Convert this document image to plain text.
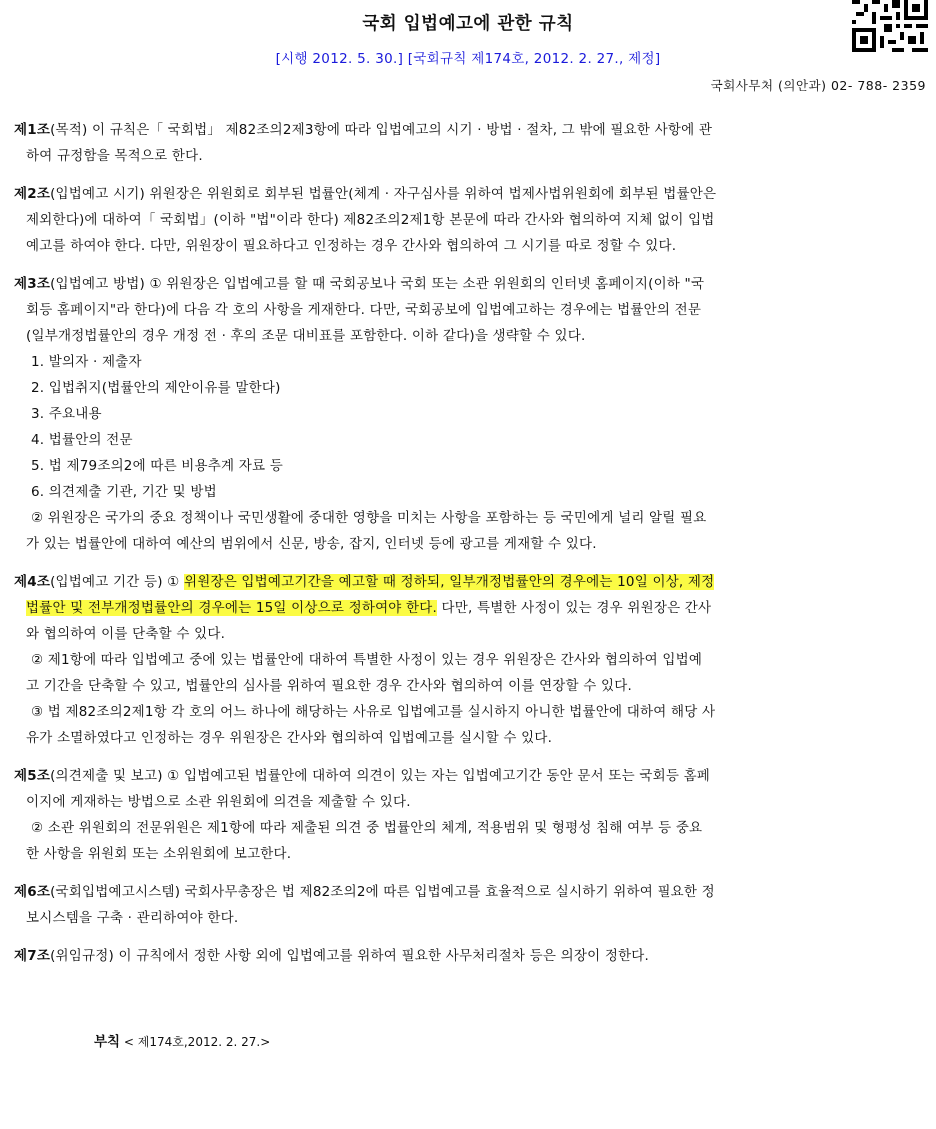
국회 입법예고에 관한 규칙
[시행 2012. 5. 30.] [국회규칙 제174호, 2012. 2. 27., 제정]
국회사무처 (의안과) 02- 788- 2359
제1조(목적) 이 규칙은「 국회법」 제82조의2제3항에 따라 입법예고의 시기 · 방법 · 절차, 그 밖에 필요한 사항에 관
하여 규정함을 목적으로 한다.
제2조(입법예고 시기) 위원장은 위원회로 회부된 법률안(체계 · 자구심사를 위하여 법제사법위원회에 회부된 법률안은
제외한다)에 대하여「 국회법」(이하 "법"이라 한다) 제82조의2제1항 본문에 따라 간사와 협의하여 지체 없이 입법
예고를 하여야 한다. 다만, 위원장이 필요하다고 인정하는 경우 간사와 협의하여 그 시기를 따로 정할 수 있다.
제3조(입법예고 방법) ① 위원장은 입법예고를 할 때 국회공보나 국회 또는 소관 위원회의 인터넷 홈페이지(이하 "국
회등 홈페이지"라 한다)에 다음 각 호의 사항을 게재한다. 다만, 국회공보에 입법예고하는 경우에는 법률안의 전문
(일부개정법률안의 경우 개정 전 · 후의 조문 대비표를 포함한다. 이하 같다)을 생략할 수 있다.
1. 발의자 · 제출자
2. 입법취지(법률안의 제안이유를 말한다)
3. 주요내용
4. 법률안의 전문
5. 법 제79조의2에 따른 비용추계 자료 등
6. 의견제출 기관, 기간 및 방법
② 위원장은 국가의 중요 정책이나 국민생활에 중대한 영향을 미치는 사항을 포함하는 등 국민에게 널리 알릴 필요
가 있는 법률안에 대하여 예산의 범위에서 신문, 방송, 잡지, 인터넷 등에 광고를 게재할 수 있다.
제4조(입법예고 기간 등) ① 위원장은 입법예고기간을 예고할 때 정하되, 일부개정법률안의 경우에는 10일 이상, 제정
법률안 및 전부개정법률안의 경우에는 15일 이상으로 정하여야 한다. 다만, 특별한 사정이 있는 경우 위원장은 간사
와 협의하여 이를 단축할 수 있다.
② 제1항에 따라 입법예고 중에 있는 법률안에 대하여 특별한 사정이 있는 경우 위원장은 간사와 협의하여 입법예
고 기간을 단축할 수 있고, 법률안의 심사를 위하여 필요한 경우 간사와 협의하여 이를 연장할 수 있다.
③ 법 제82조의2제1항 각 호의 어느 하나에 해당하는 사유로 입법예고를 실시하지 아니한 법률안에 대하여 해당 사
유가 소멸하였다고 인정하는 경우 위원장은 간사와 협의하여 입법예고를 실시할 수 있다.
제5조(의견제출 및 보고) ① 입법예고된 법률안에 대하여 의견이 있는 자는 입법예고기간 동안 문서 또는 국회등 홈페
이지에 게재하는 방법으로 소관 위원회에 의견을 제출할 수 있다.
② 소관 위원회의 전문위원은 제1항에 따라 제출된 의견 중 법률안의 체계, 적용범위 및 형평성 침해 여부 등 중요
한 사항을 위원회 또는 소위원회에 보고한다.
제6조(국회입법예고시스템) 국회사무총장은 법 제82조의2에 따른 입법예고를 효율적으로 실시하기 위하여 필요한 정
보시스템을 구축 · 관리하여야 한다.
제7조(위임규정) 이 규칙에서 정한 사항 외에 입법예고를 위하여 필요한 사무처리절차 등은 의장이 정한다.
부칙 < 제174호,2012. 2. 27.>
